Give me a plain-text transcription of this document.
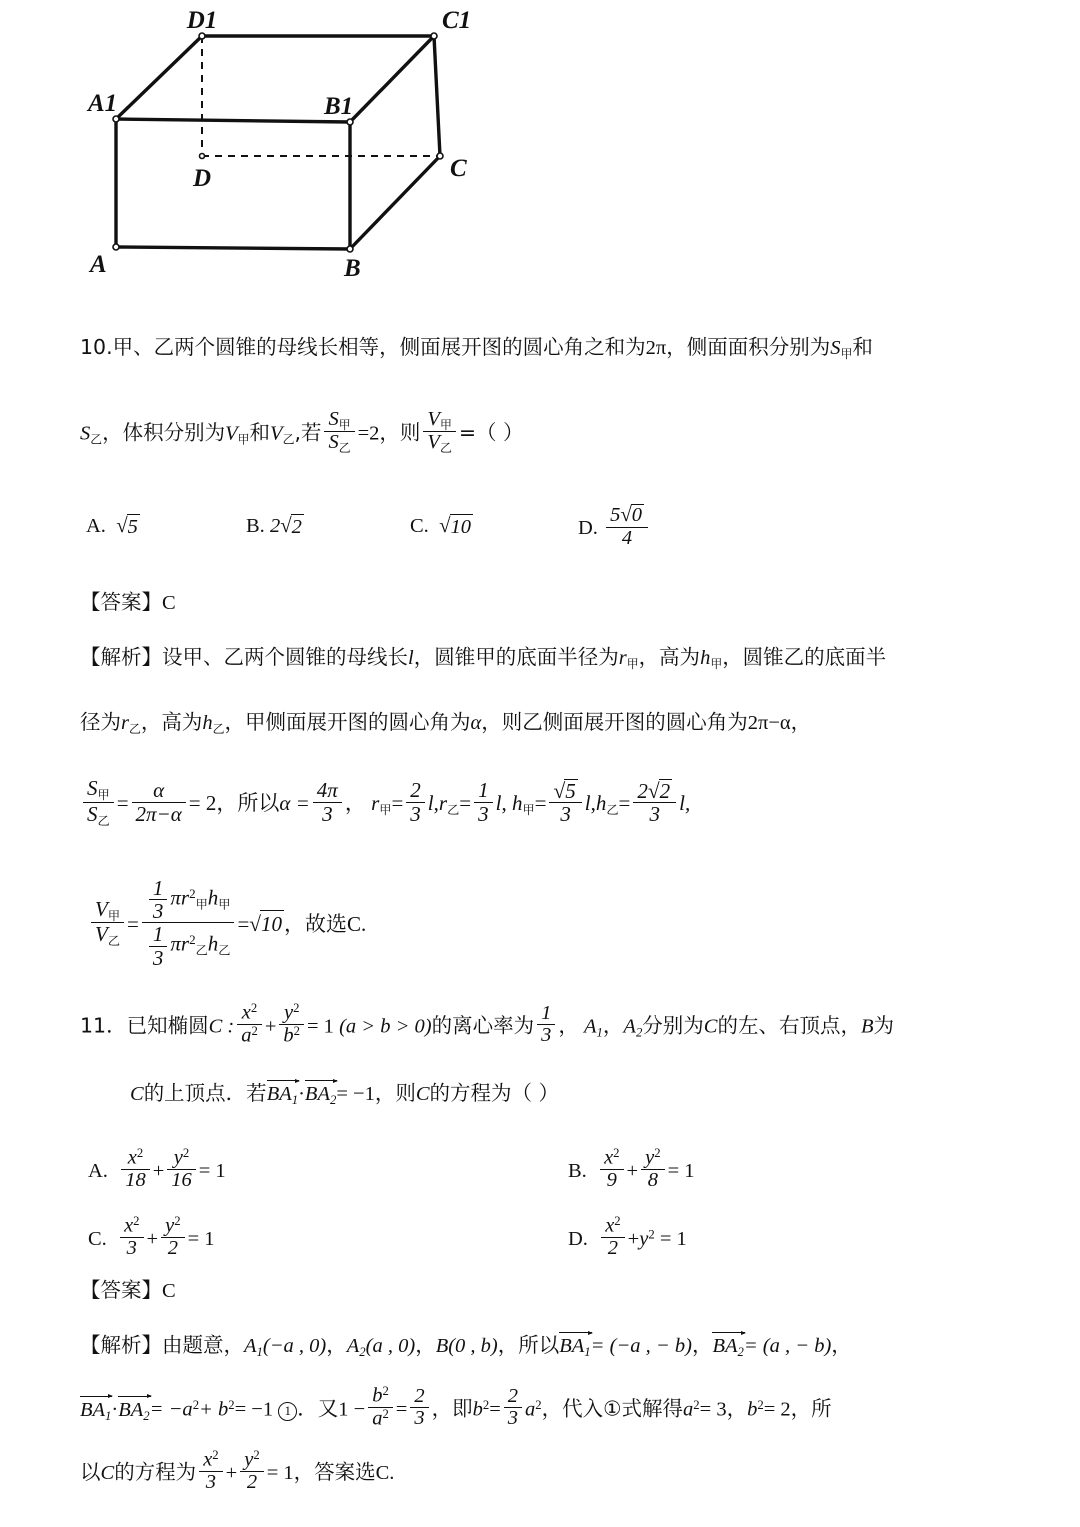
D1	C1
A1	B1
C
D
A	B
10.甲、乙两个圆锥的母线长相等，侧面展开图的圆心角之和为2π，侧面面积分别为$S_甲$和
$S_乙$，体积分别为$V_甲$和$V_乙$,若 $\frac{S_甲}{S_乙} =2$，则 $\frac{V_甲}{V_乙}$ =（ ）
A. √5	B. 2√2	C. √10	D. $\frac{5√0}{4}$
【答案】C
【解析】设甲、乙两个圆锥的母线长l，圆锥甲的底面半径为$r_甲$，高为$h_甲$，圆锥乙的底面半
径为$r_乙$，高为$h_乙$，甲侧面展开图的圆心角为α，则乙侧面展开图的圆心角为2π−α，
$\frac{S_甲}{S_乙} = \frac{\alpha}{2\pi-\alpha} = 2$，所以$\alpha = \frac{4\pi}{3}$ ， $r_甲= \frac{2}{3} l,r_乙= \frac{1}{3} l$, $h_甲= \frac{√5}{3} l,h_乙= \frac{2√2}{3} l$,
$\frac{V_甲}{V_乙} = \frac{\frac{1}{3} \pi r^2_甲h_甲}{\frac{1}{3} \pi r^2_乙h_乙} =√10$，故选C.
11．已知椭圆C : $\frac{x^2}{a^2} + \frac{y^2}{b^2} = 1$ (a > b > 0)的离心率为 $\frac{1}{3}$ ， A1，A2分别为C的左、右顶点，B为
C的上顶点．若
BA1·
BA2= −1，则C的方程为（ ）
A. $\frac{x^2}{18} + \frac{y^2}{16} = 1$	B. $\frac{x^2}{9} + \frac{y^2}{8} = 1$
C. $\frac{x^2}{3} + \frac{y^2}{2} = 1$	D. $\frac{x^2}{2} +y^2 = 1$
【答案】C
【解析】由题意，A1(−a , 0)，A2(a , 0)，B(0 , b)，所以
BA1= (−a , − b)，
BA2= (a , − b)，
BA1·
$BA2= -a^2+ b^2= -1$ 1 ．又$1 - \frac{b^2}{a^2} = \frac{2}{3}$ ，即$b^2= \frac{2}{3} a^2$，代入①式解得$a^2= 3$，$b^2= 2$，所
以C的方程为 $\frac{x^2}{3} + \frac{y^2}{2} = 1$，答案选C.
